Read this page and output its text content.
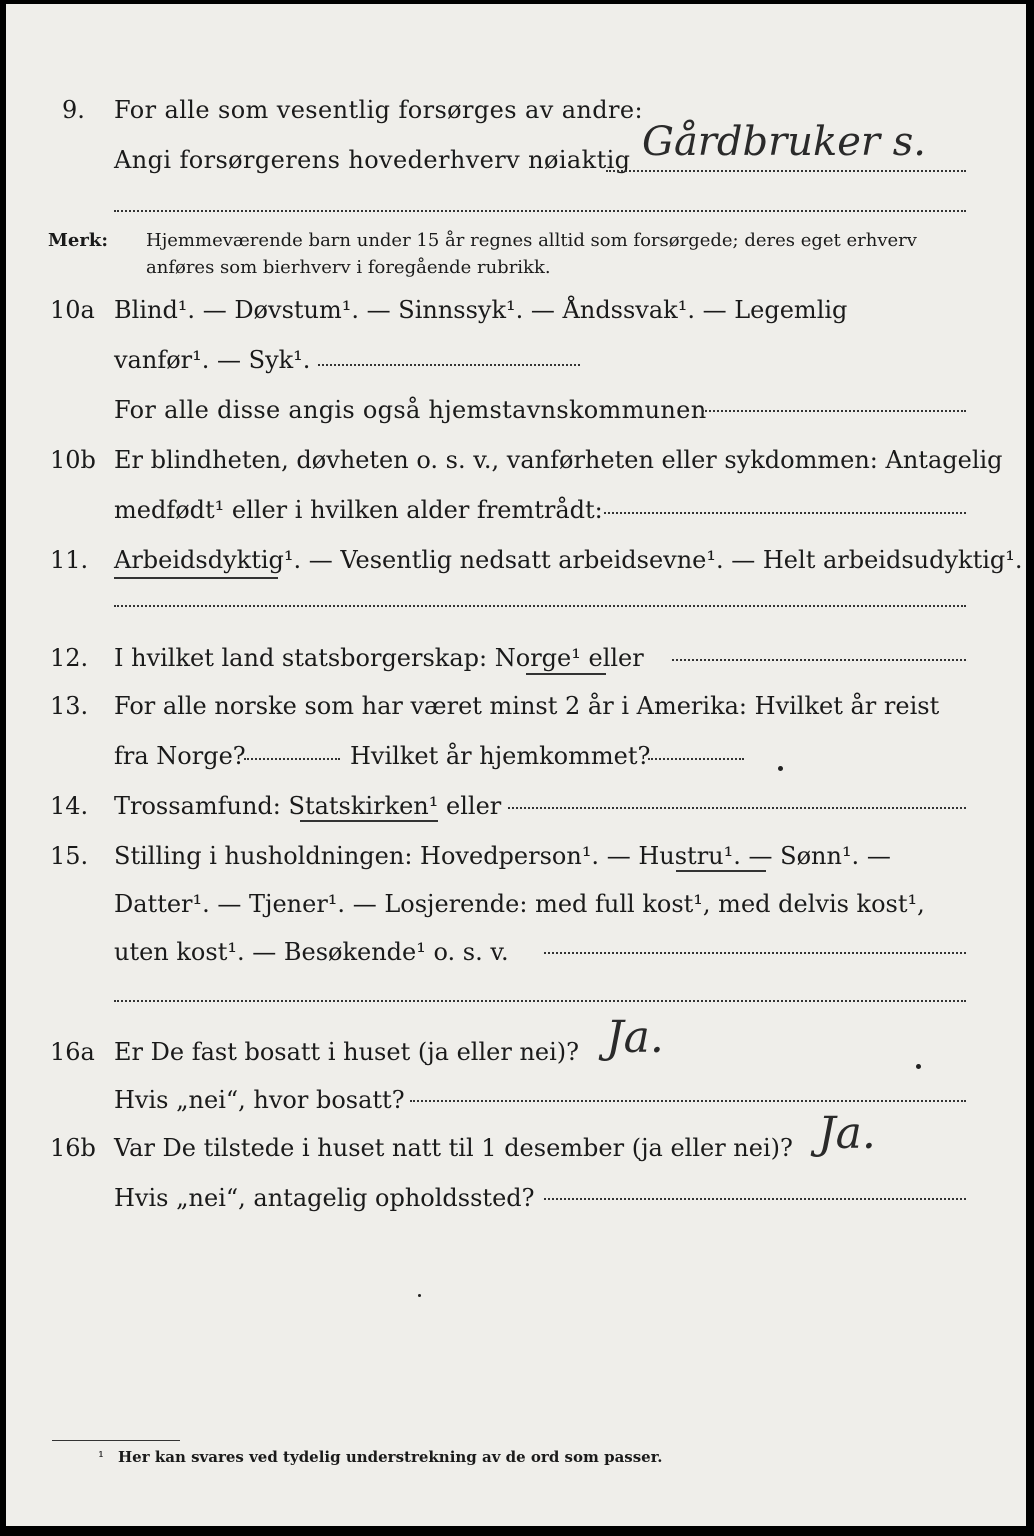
9. For alle som vesentlig forsørges av andre:
Angi forsørgerens hovederhverv nøiaktig Gårdbruker s.
Merk: Hjemmeværende barn under 15 år regnes alltid som forsørgede; deres eget erhverv
anføres som bierhverv i foregående rubrikk.
10a Blind¹. — Døvstum¹. — Sinnssyk¹. — Åndssvak¹. — Legemlig
vanfør¹. — Syk¹.
For alle disse angis også hjemstavnskommunen
10b Er blindheten, døvheten o. s. v., vanførheten eller sykdommen: Antagelig
medfødt¹ eller i hvilken alder fremtrådt:
11. Arbeidsdyktig¹. — Vesentlig nedsatt arbeidsevne¹. — Helt arbeidsudyktig¹.
12. I hvilket land statsborgerskap: Norge¹ eller
13. For alle norske som har været minst 2 år i Amerika: Hvilket år reist
fra Norge?	Hvilket år hjemkommet?
14. Trossamfund: Statskirken¹ eller
15. Stilling i husholdningen: Hovedperson¹. — Hustru¹. — Sønn¹. —
Datter¹. — Tjener¹. — Losjerende: med full kost¹, med delvis kost¹,
uten kost¹. — Besøkende¹ o. s. v.
16a Er De fast bosatt i huset (ja eller nei)? Ja.
Hvis „nei“, hvor bosatt?
16b Var De tilstede i huset natt til 1 desember (ja eller nei)? Ja.
Hvis „nei“, antagelig opholdssted?
¹ Her kan svares ved tydelig understrekning av de ord som passer.
